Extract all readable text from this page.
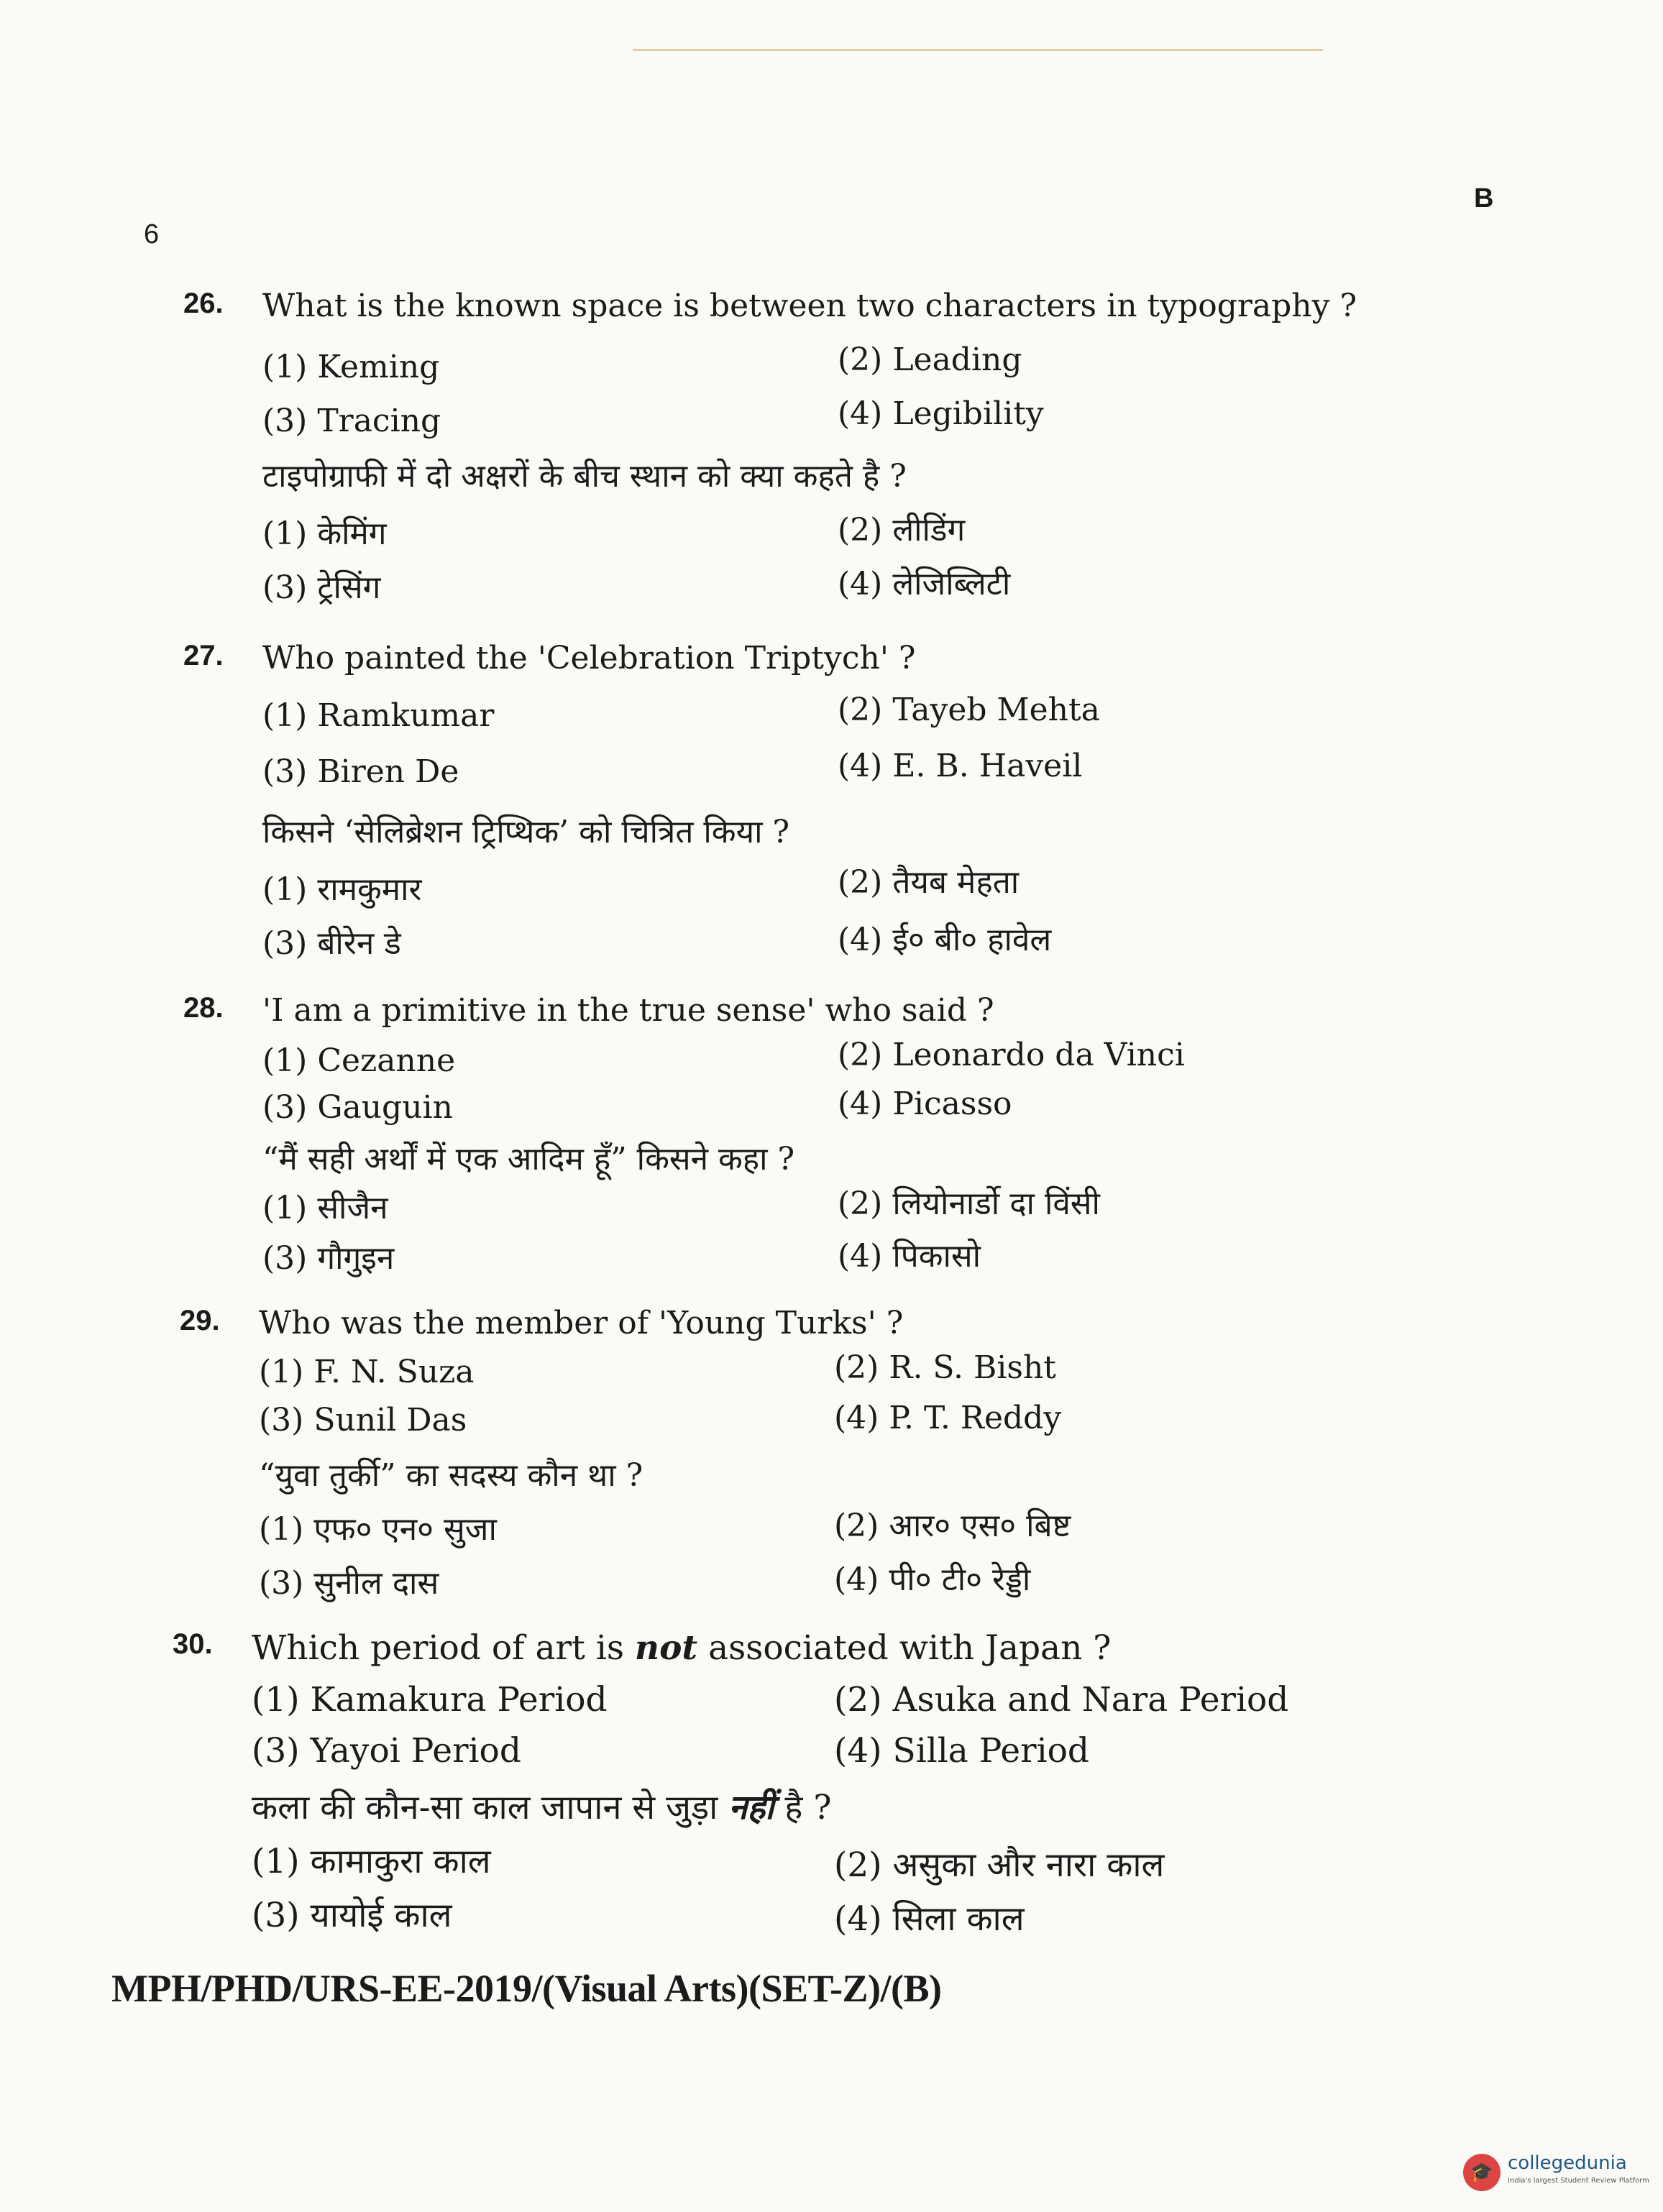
B
6
26. What is the known space is between two characters in typography ?
(1) Keming	(2) Leading
(3) Tracing	(4) Legibility
टाइपोग्राफी में दो अक्षरों के बीच स्थान को क्या कहते है ?
(1) केमिंग	(2) लीडिंग
(3) ट्रेसिंग	(4) लेजिब्लिटी
27. Who painted the 'Celebration Triptych' ?
(1) Ramkumar	(2) Tayeb Mehta
(3) Biren De	(4) E. B. Haveil
किसने ‘सेलिब्रेशन ट्रिप्थिक’ को चित्रित किया ?
(1) रामकुमार	(2) तैयब मेहता
(3) बीरेन डे	(4) ई० बी० हावेल
28. 'I am a primitive in the true sense' who said ?
(1) Cezanne	(2) Leonardo da Vinci
(3) Gauguin	(4) Picasso
“मैं सही अर्थों में एक आदिम हूँ” किसने कहा ?
(1) सीजैन	(2) लियोनार्डो दा विंसी
(3) गौगुइन	(4) पिकासो
29. Who was the member of 'Young Turks' ?
(1) F. N. Suza	(2) R. S. Bisht
(3) Sunil Das	(4) P. T. Reddy
“युवा तुर्की” का सदस्य कौन था ?
(1) एफ० एन० सुजा	(2) आर० एस० बिष्ट
(3) सुनील दास	(4) पी० टी० रेड्डी
30. Which period of art is not associated with Japan ?
(1) Kamakura Period	(2) Asuka and Nara Period
(3) Yayoi Period	(4) Silla Period
कला की कौन-सा काल जापान से जुड़ा नहीं है ?
(1) कामाकुरा काल	(2) असुका और नारा काल
(3) यायोई काल	(4) सिला काल
MPH/PHD/URS-EE-2019/(Visual Arts)(SET-Z)/(B)
🎓 collegedunia
India's largest Student Review Platform
